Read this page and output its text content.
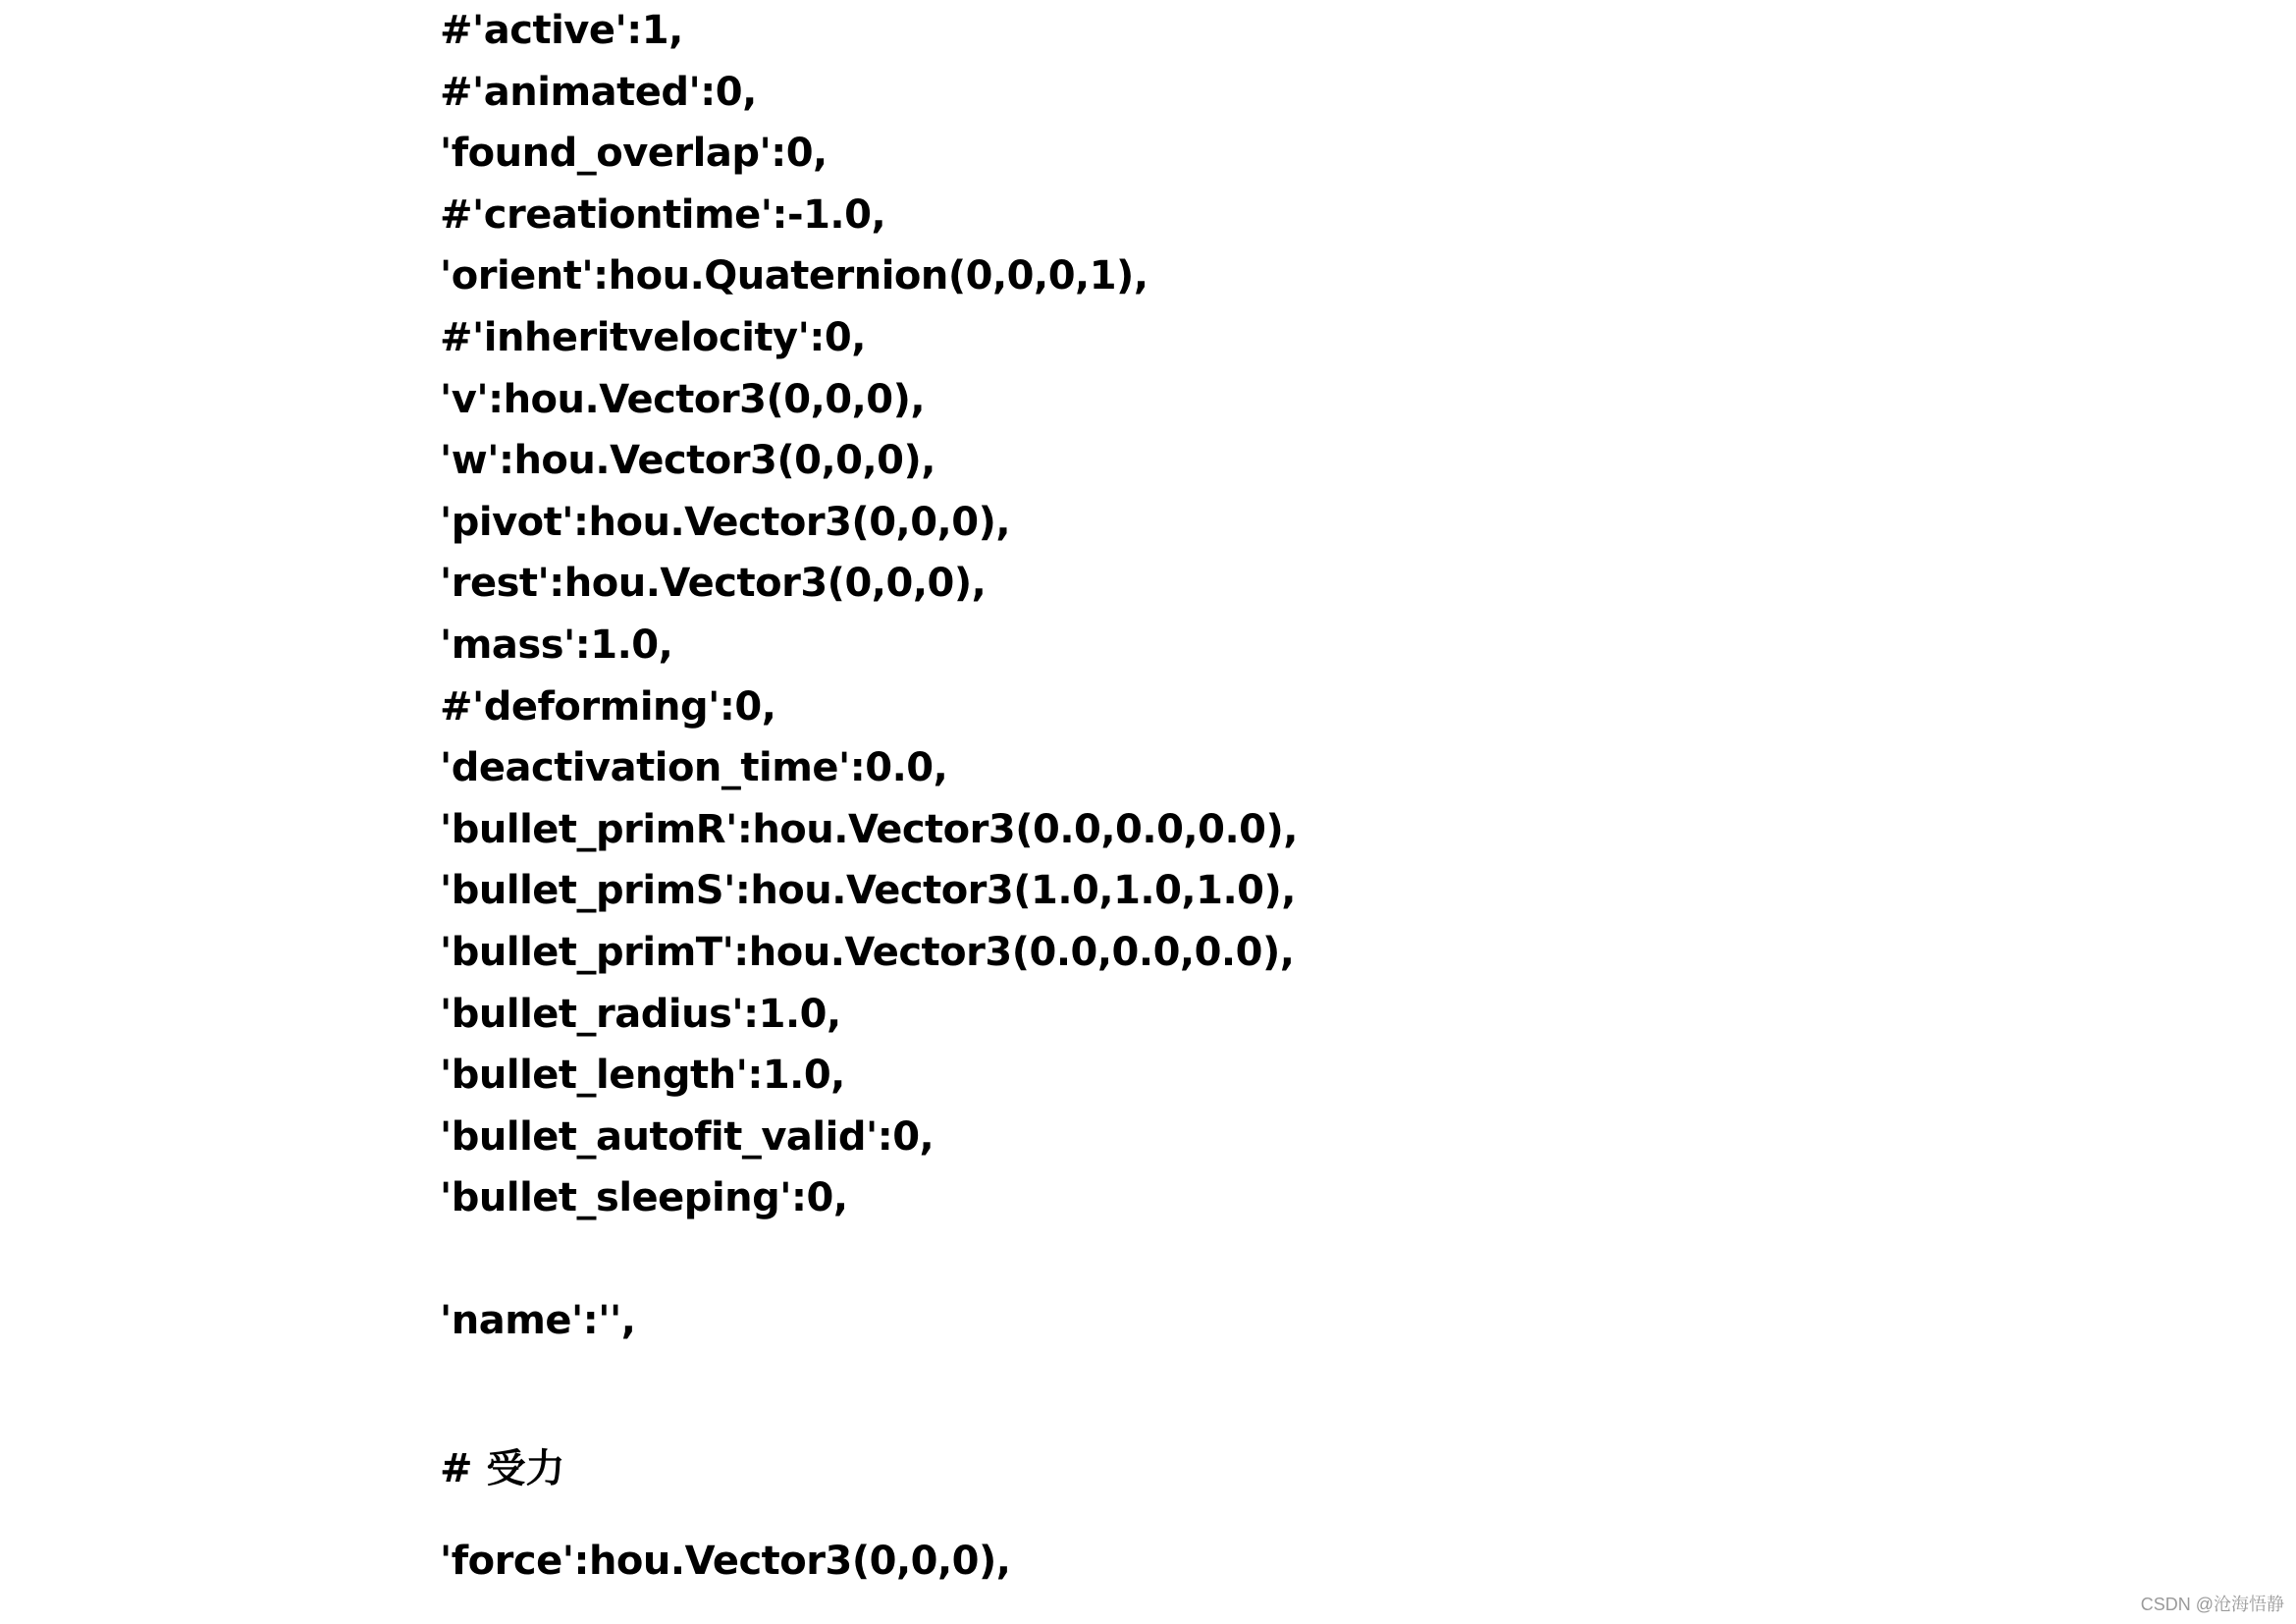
#'active':1,
#'animated':0,
'found_overlap':0,
#'creationtime':-1.0,
'orient':hou.Quaternion(0,0,0,1),
#'inheritvelocity':0,
'v':hou.Vector3(0,0,0),
'w':hou.Vector3(0,0,0),
'pivot':hou.Vector3(0,0,0),
'rest':hou.Vector3(0,0,0),
'mass':1.0,
#'deforming':0,
'deactivation_time':0.0,
'bullet_primR':hou.Vector3(0.0,0.0,0.0),
'bullet_primS':hou.Vector3(1.0,1.0,1.0),
'bullet_primT':hou.Vector3(0.0,0.0,0.0),
'bullet_radius':1.0,
'bullet_length':1.0,
'bullet_autofit_valid':0,
'bullet_sleeping':0,
'name':'',
# 受力
'force':hou.Vector3(0,0,0),
CSDN @沧海悟静
